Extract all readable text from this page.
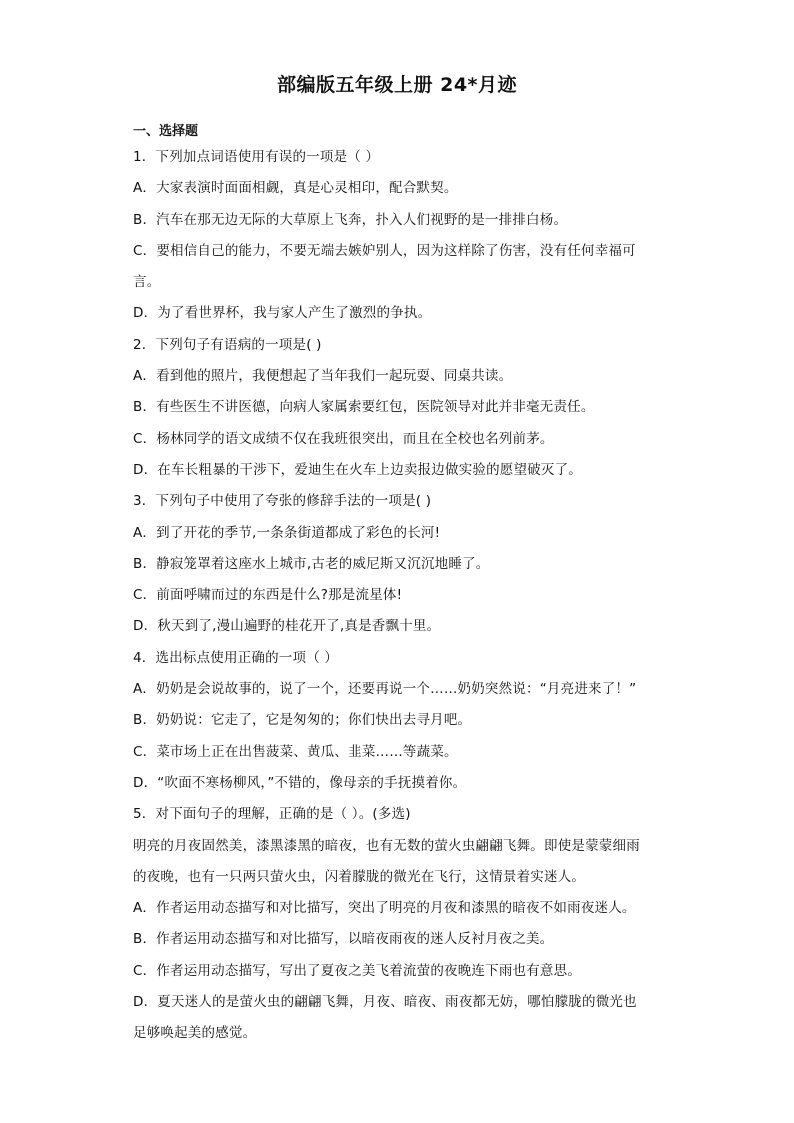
部编版五年级上册 24*月迹

一、选择题

1．下列加点词语使用有误的一项是（ ）

A．大家表演时面面相觑，真是心灵相印，配合默契。

B．汽车在那无边无际的大草原上飞奔，扑入人们视野的是一排排白杨。

C．要相信自己的能力，不要无端去嫉妒别人，因为这样除了伤害，没有任何幸福可

言。

D．为了看世界杯，我与家人产生了激烈的争执。

2．下列句子有语病的一项是( )

A．看到他的照片，我便想起了当年我们一起玩耍、同桌共读。

B．有些医生不讲医德，向病人家属索要红包，医院领导对此并非毫无责任。

C．杨林同学的语文成绩不仅在我班很突出，而且在全校也名列前茅。

D．在车长粗暴的干涉下，爱迪生在火车上边卖报边做实验的愿望破灭了。

3．下列句子中使用了夸张的修辞手法的一项是( )

A．到了开花的季节,一条条街道都成了彩色的长河!

B．静寂笼罩着这座水上城市,古老的威尼斯又沉沉地睡了。

C．前面呼啸而过的东西是什么?那是流星体!

D．秋天到了,漫山遍野的桂花开了,真是香飘十里。

4．选出标点使用正确的一项（ ）

A．奶奶是会说故事的，说了一个，还要再说一个……奶奶突然说：“月亮进来了！”

B．奶奶说：它走了，它是匆匆的；你们快出去寻月吧。

C．菜市场上正在出售菠菜、黄瓜、韭菜……等蔬菜。

D．“吹面不寒杨柳风，”不错的，像母亲的手抚摸着你。

5．对下面句子的理解，正确的是（ ）。(多选)

明亮的月夜固然美，漆黑漆黑的暗夜，也有无数的萤火虫翩翩飞舞。即使是蒙蒙细雨

的夜晚，也有一只两只萤火虫，闪着朦胧的微光在飞行，这情景着实迷人。

A．作者运用动态描写和对比描写，突出了明亮的月夜和漆黑的暗夜不如雨夜迷人。

B．作者运用动态描写和对比描写，以暗夜雨夜的迷人反衬月夜之美。

C．作者运用动态描写，写出了夏夜之美飞着流萤的夜晚连下雨也有意思。

D．夏天迷人的是萤火虫的翩翩飞舞，月夜、暗夜、雨夜都无妨，哪怕朦胧的微光也

足够唤起美的感觉。
